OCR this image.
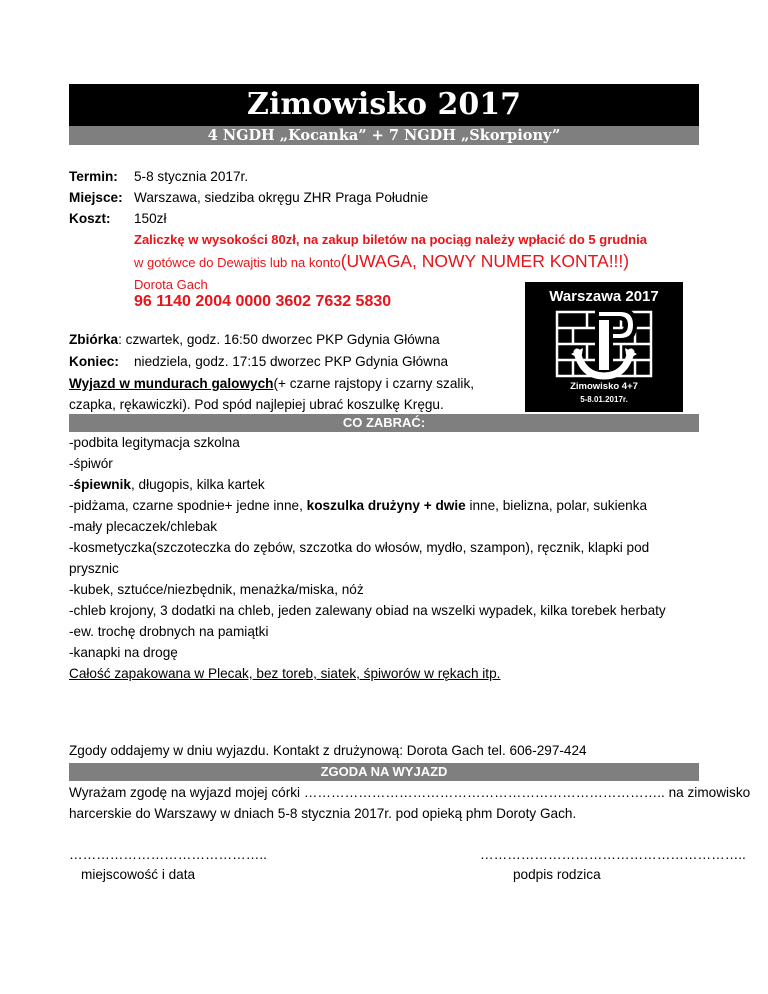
Zimowisko 2017
4 NGDH „Kocanka” + 7 NGDH „Skorpiony”
Termin: 5-8 stycznia 2017r.
Miejsce: Warszawa, siedziba okręgu ZHR Praga Południe
Koszt: 150zł
Zaliczkę w wysokości 80zł, na zakup biletów na pociąg należy wpłacić do 5 grudnia
w gotówce do Dewajtis lub na konto(UWAGA, NOWY NUMER KONTA!!!)
Dorota Gach
96 1140 2004 0000 3602 7632 5830	Warszawa 2017
Zimowisko 4+7
5-8.01.2017r.
Zbiórka: czwartek, godz. 16:50 dworzec PKP Gdynia Główna
Koniec: niedziela, godz. 17:15 dworzec PKP Gdynia Główna
Wyjazd w mundurach galowych(+ czarne rajstopy i czarny szalik,
czapka, rękawiczki). Pod spód najlepiej ubrać koszulkę Kręgu.
CO ZABRAĆ:
-podbita legitymacja szkolna
-śpiwór
-śpiewnik, długopis, kilka kartek
-pidżama, czarne spodnie+ jedne inne, koszulka drużyny + dwie inne, bielizna, polar, sukienka
-mały plecaczek/chlebak
-kosmetyczka(szczoteczka do zębów, szczotka do włosów, mydło, szampon), ręcznik, klapki pod
prysznic
-kubek, sztućce/niezbędnik, menażka/miska, nóż
-chleb krojony, 3 dodatki na chleb, jeden zalewany obiad na wszelki wypadek, kilka torebek herbaty
-ew. trochę drobnych na pamiątki
-kanapki na drogę
Całość zapakowana w Plecak, bez toreb, siatek, śpiworów w rękach itp.
Zgody oddajemy w dniu wyjazdu. Kontakt z drużynową: Dorota Gach tel. 606-297-424
ZGODA NA WYJAZD
Wyrażam zgodę na wyjazd mojej córki …………………………………………………………………….. na zimowisko
harcerskie do Warszawy w dniach 5-8 stycznia 2017r. pod opieką phm Doroty Gach.
……………………………………..	…………………………………………………..
miejscowość i data	podpis rodzica
